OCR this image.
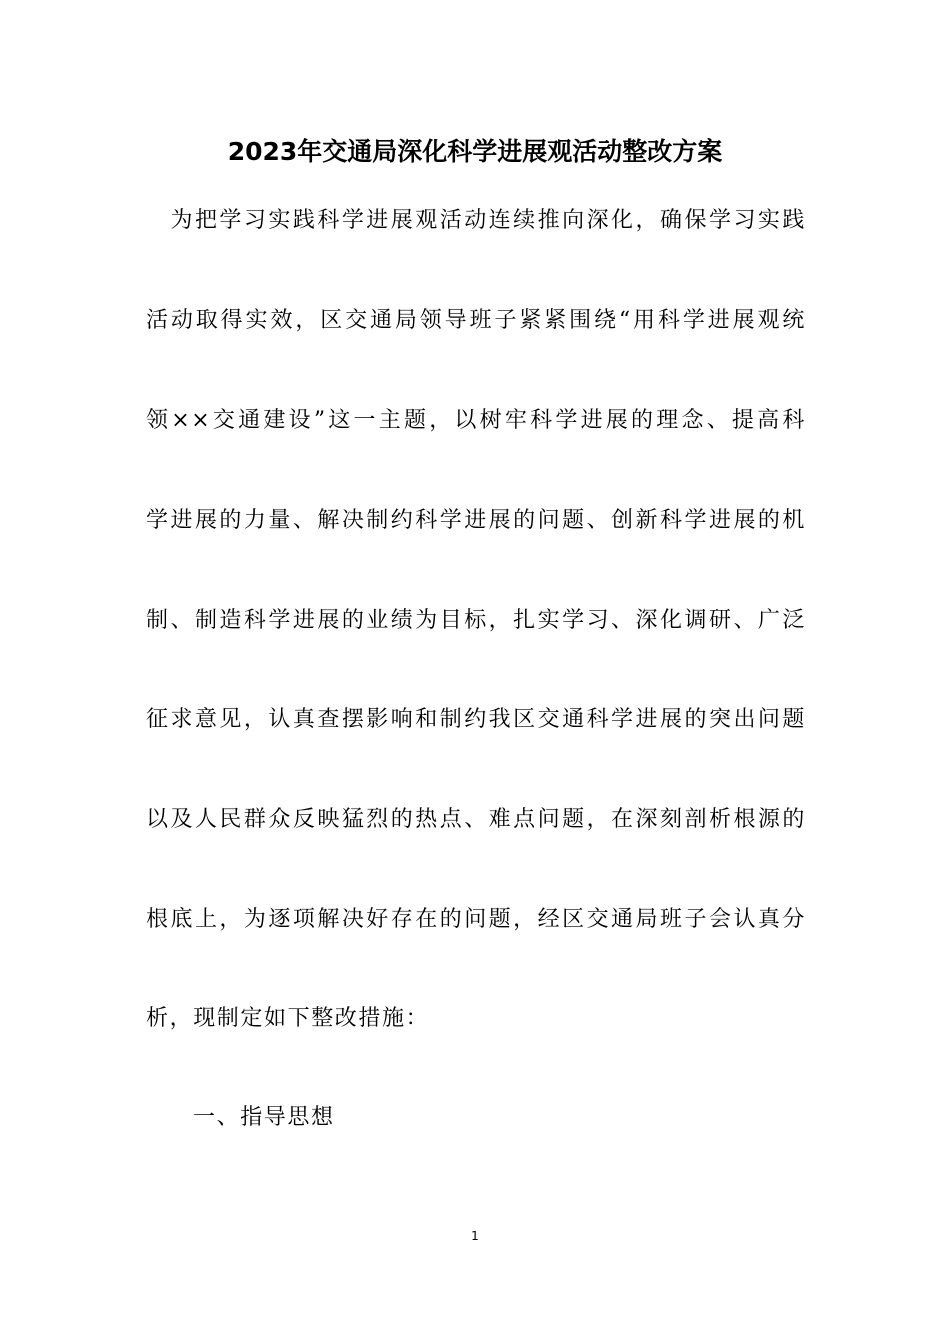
2023年交通局深化科学进展观活动整改方案
　为把学习实践科学进展观活动连续推向深化，确保学习实践
活动取得实效，区交通局领导班子紧紧围绕“用科学进展观统
领××交通建设”这一主题，以树牢科学进展的理念、提高科
学进展的力量、解决制约科学进展的问题、创新科学进展的机
制、制造科学进展的业绩为目标，扎实学习、深化调研、广泛
征求意见，认真查摆影响和制约我区交通科学进展的突出问题
以及人民群众反映猛烈的热点、难点问题，在深刻剖析根源的
根底上，为逐项解决好存在的问题，经区交通局班子会认真分
析，现制定如下整改措施：
一、指导思想
1
